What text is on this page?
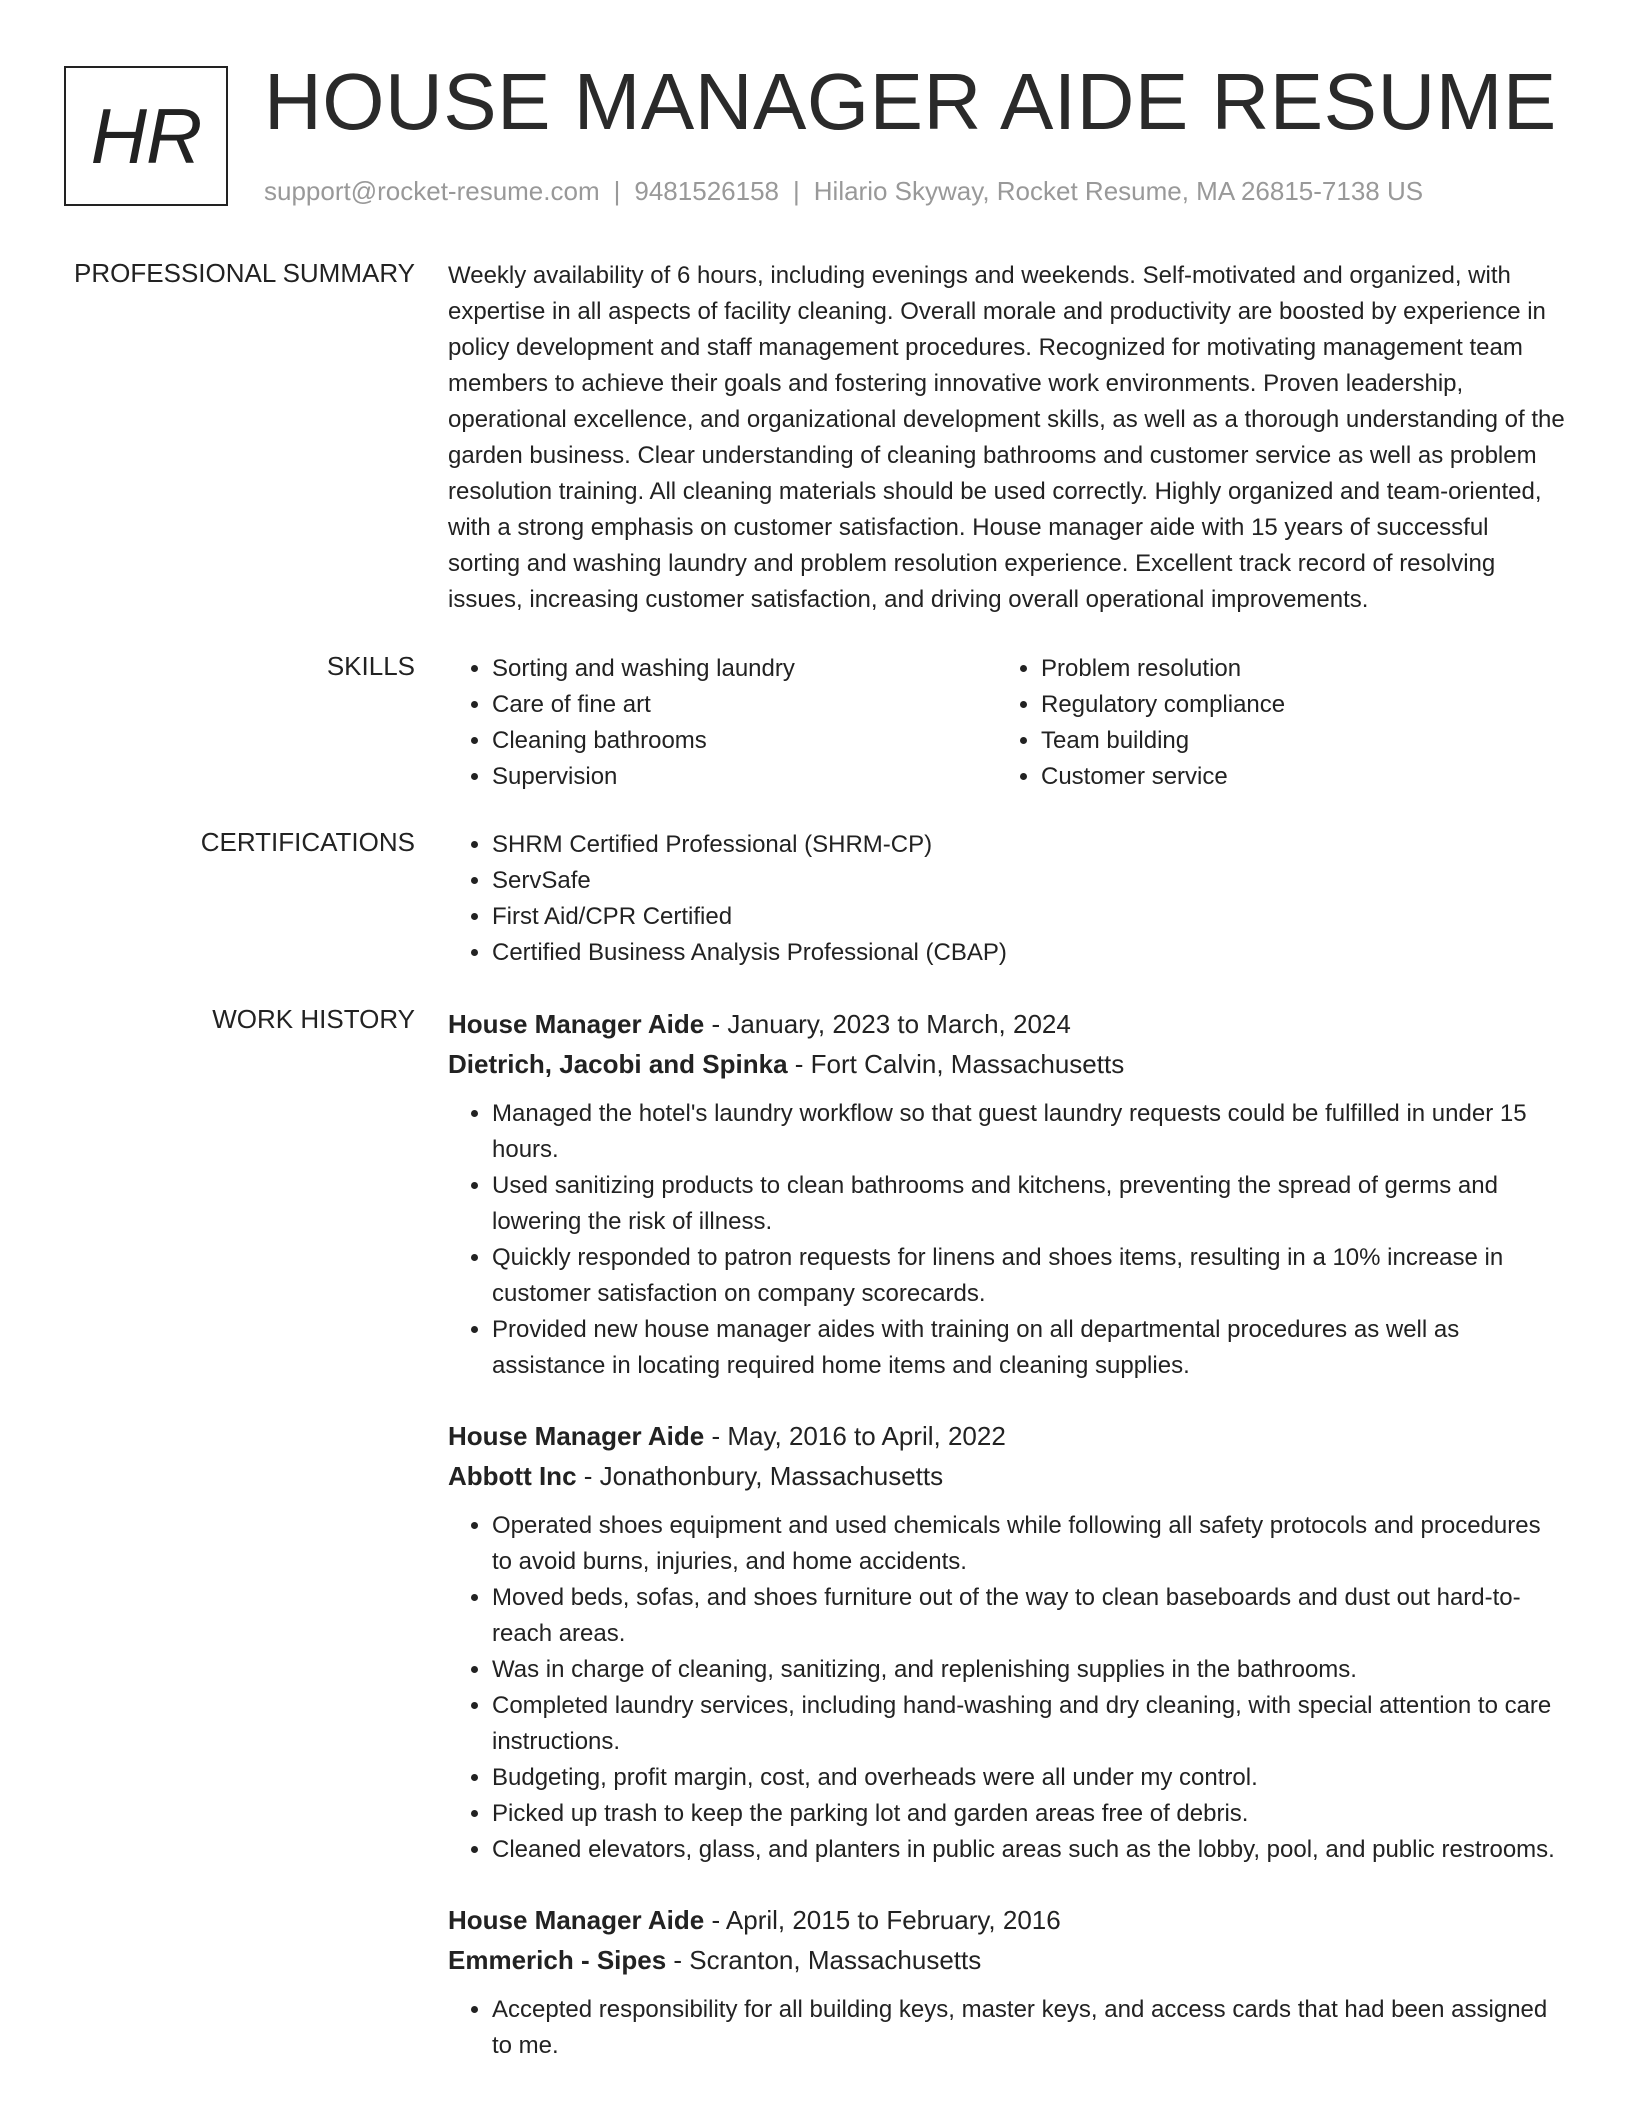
HR HOUSE MANAGER AIDE RESUME
support@rocket-resume.com | 9481526158 | Hilario Skyway, Rocket Resume, MA 26815-7138 US
PROFESSIONAL SUMMARY Weekly availability of 6 hours, including evenings and weekends. Self-motivated and organized, with expertise in all aspects of facility cleaning. Overall morale and productivity are boosted by experience in policy development and staff management procedures. Recognized for motivating management team members to achieve their goals and fostering innovative work environments. Proven leadership, operational excellence, and organizational development skills, as well as a thorough understanding of the garden business. Clear understanding of cleaning bathrooms and customer service as well as problem resolution training. All cleaning materials should be used correctly. Highly organized and team-oriented, with a strong emphasis on customer satisfaction. House manager aide with 15 years of successful sorting and washing laundry and problem resolution experience. Excellent track record of resolving issues, increasing customer satisfaction, and driving overall operational improvements.

SKILLS	• Sorting and washing laundry
• Care of fine art
• Cleaning bathrooms
• Supervision
• Problem resolution
• Regulatory compliance
• Team building
• Customer service
CERTIFICATIONS	• SHRM Certified Professional (SHRM-CP)
• ServSafe
• First Aid/CPR Certified
• Certified Business Analysis Professional (CBAP)
WORK HISTORY House Manager Aide - January, 2023 to March, 2024
Dietrich, Jacobi and Spinka - Fort Calvin, Massachusetts
• Managed the hotel's laundry workflow so that guest laundry requests could be fulfilled in under 15 hours.
• Used sanitizing products to clean bathrooms and kitchens, preventing the spread of germs and lowering the risk of illness.
• Quickly responded to patron requests for linens and shoes items, resulting in a 10% increase in customer satisfaction on company scorecards.
• Provided new house manager aides with training on all departmental procedures as well as assistance in locating required home items and cleaning supplies.
House Manager Aide - May, 2016 to April, 2022
Abbott Inc - Jonathonbury, Massachusetts
• Operated shoes equipment and used chemicals while following all safety protocols and procedures to avoid burns, injuries, and home accidents.
• Moved beds, sofas, and shoes furniture out of the way to clean baseboards and dust out hard-to-reach areas.
• Was in charge of cleaning, sanitizing, and replenishing supplies in the bathrooms.
• Completed laundry services, including hand-washing and dry cleaning, with special attention to care instructions.
• Budgeting, profit margin, cost, and overheads were all under my control.
• Picked up trash to keep the parking lot and garden areas free of debris.
• Cleaned elevators, glass, and planters in public areas such as the lobby, pool, and public restrooms.
House Manager Aide - April, 2015 to February, 2016
Emmerich - Sipes - Scranton, Massachusetts
• Accepted responsibility for all building keys, master keys, and access cards that had been assigned to me.
